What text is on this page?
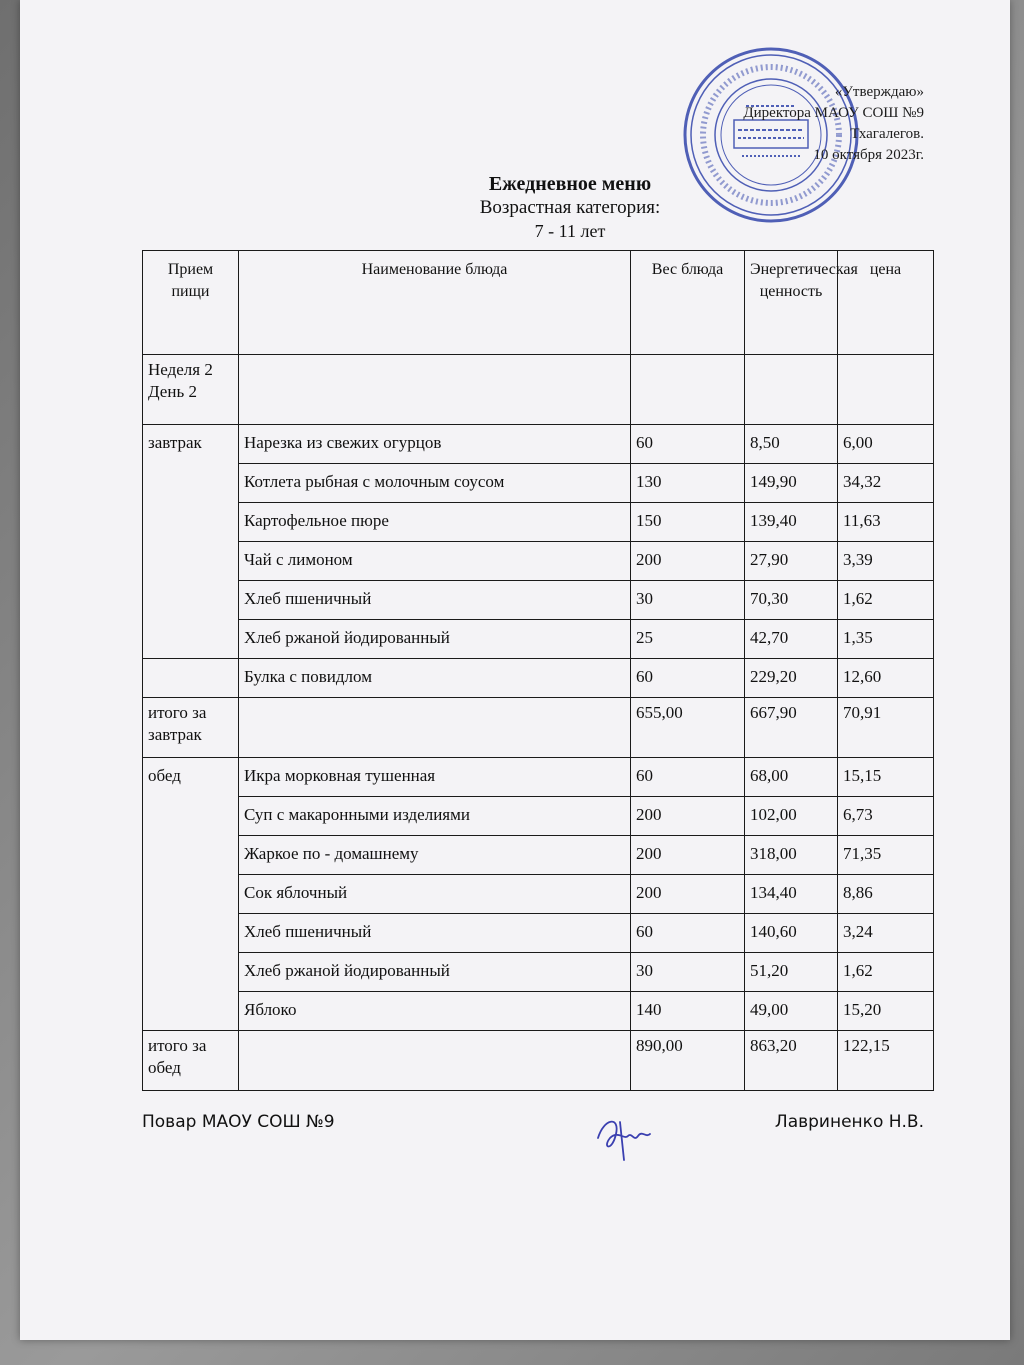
«Утверждаю»
Директора МАОУ СОШ №9
Тхагалегов.
10 октября 2023г.
Ежедневное меню
Возрастная категория:
7 - 11 лет
Прием пищи	Наименование блюда	Вес блюда	Энергетическая ценность	цена
Неделя 2
День 2				
завтрак	Нарезка из свежих огурцов	60	8,50	6,00
	Котлета рыбная с молочным соусом	130	149,90	34,32
	Картофельное пюре	150	139,40	11,63
	Чай с лимоном	200	27,90	3,39
	Хлеб пшеничный	30	70,30	1,62
	Хлеб ржаной йодированный	25	42,70	1,35
	Булка с повидлом	60	229,20	12,60
итого за завтрак		655,00	667,90	70,91
обед	Икра морковная тушенная	60	68,00	15,15
	Суп с макаронными изделиями	200	102,00	6,73
	Жаркое по - домашнему	200	318,00	71,35
	Сок яблочный	200	134,40	8,86
	Хлеб пшеничный	60	140,60	3,24
	Хлеб ржаной йодированный	30	51,20	1,62
	Яблоко	140	49,00	15,20
итого за обед		890,00	863,20	122,15
Повар МАОУ СОШ №9	Лавриненко Н.В.
